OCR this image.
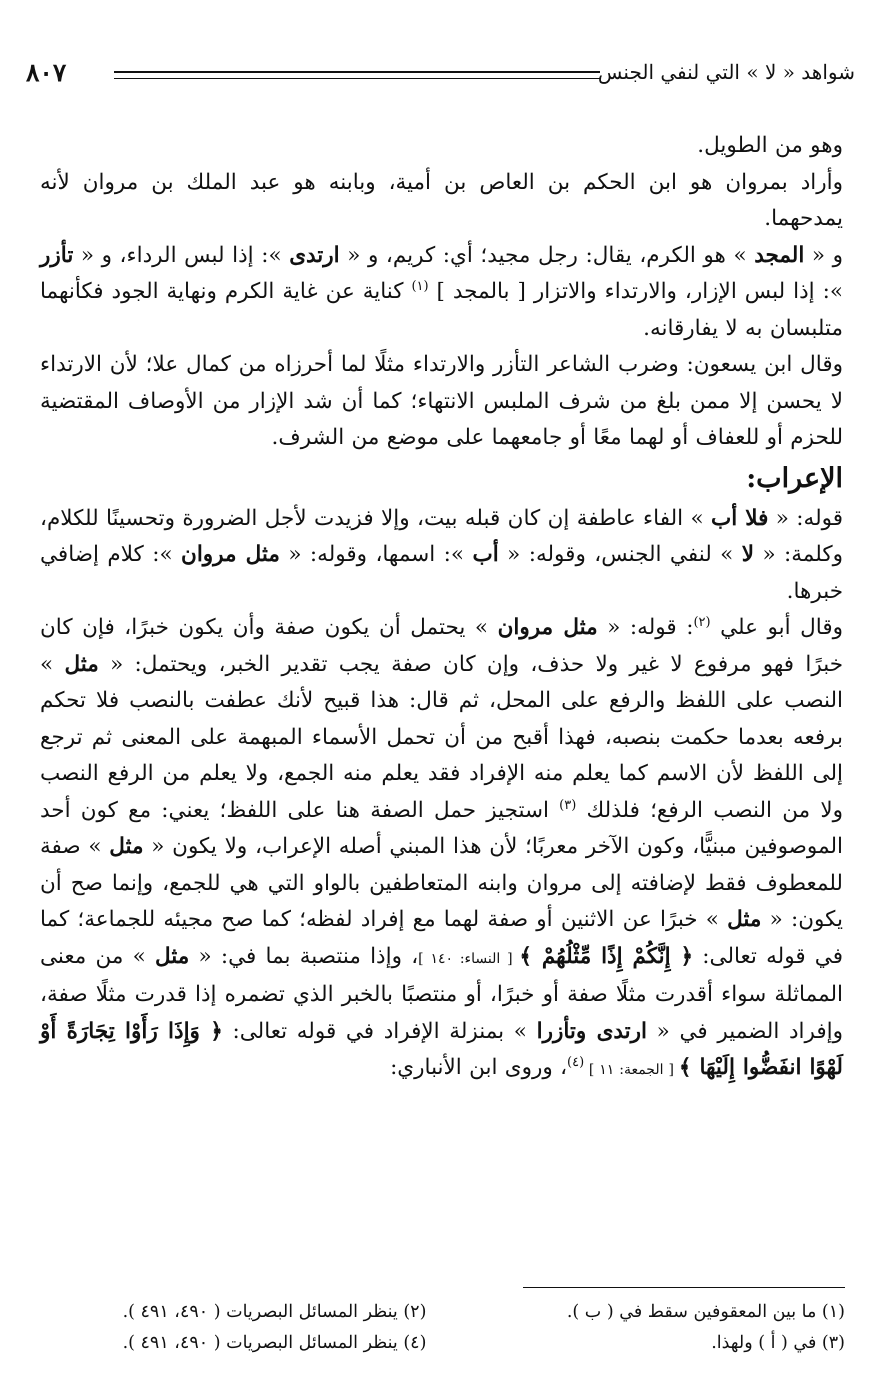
شواهد « لا » التي لنفي الجنس
٨٠٧

وهو من الطويل.

وأراد بمروان هو ابن الحكم بن العاص بن أمية، وبابنه هو عبد الملك بن مروان لأنه يمدحهما.

و « المجد » هو الكرم، يقال: رجل مجيد؛ أي: كريم، و « ارتدى »: إذا لبس الرداء، و « تأزر »: إذا لبس الإزار، والارتداء والاتزار [ بالمجد ] $^{(١)}$ كناية عن غاية الكرم ونهاية الجود فكأنهما متلبسان به لا يفارقانه.

وقال ابن يسعون: وضرب الشاعر التأزر والارتداء مثلًا لما أحرزاه من كمال علا؛ لأن الارتداء لا يحسن إلا ممن بلغ من شرف الملبس الانتهاء؛ كما أن شد الإزار من الأوصاف المقتضية للحزم أو للعفاف أو لهما معًا أو جامعهما على موضع من الشرف.

الإعراب:

قوله: « فلا أب » الفاء عاطفة إن كان قبله بيت، وإلا فزيدت لأجل الضرورة وتحسينًا للكلام، وكلمة: « لا » لنفي الجنس، وقوله: « أب »: اسمها، وقوله: « مثل مروان »: كلام إضافي خبرها.

وقال أبو علي $^{(٢)}$: قوله: « مثل مروان » يحتمل أن يكون صفة وأن يكون خبرًا، فإن كان خبرًا فهو مرفوع لا غير ولا حذف، وإن كان صفة يجب تقدير الخبر، ويحتمل: « مثل » النصب على اللفظ والرفع على المحل، ثم قال: هذا قبيح لأنك عطفت بالنصب فلا تحكم برفعه بعدما حكمت بنصبه، فهذا أقبح من أن تحمل الأسماء المبهمة على المعنى ثم ترجع إلى اللفظ لأن الاسم كما يعلم منه الإفراد فقد يعلم منه الجمع، ولا يعلم من الرفع النصب ولا من النصب الرفع؛ فلذلك $^{(٣)}$ استجيز حمل الصفة هنا على اللفظ؛ يعني: مع كون أحد الموصوفين مبنيًّا، وكون الآخر معربًا؛ لأن هذا المبني أصله الإعراب، ولا يكون « مثل » صفة للمعطوف فقط لإضافته إلى مروان وابنه المتعاطفين بالواو التي هي للجمع، وإنما صح أن يكون: « مثل » خبرًا عن الاثنين أو صفة لهما مع إفراد لفظه؛ كما صح مجيئه للجماعة؛ كما في قوله تعالى: ﴿ إِنَّكُمْ إِذًا مِّثْلُهُمْ ﴾ [ النساء: ١٤٠ ]، وإذا منتصبة بما في: « مثل » من معنى المماثلة سواء أقدرت مثلًا صفة أو خبرًا، أو منتصبًا بالخبر الذي تضمره إذا قدرت مثلًا صفة، وإفراد الضمير في « ارتدى وتأزرا » بمنزلة الإفراد في قوله تعالى: ﴿ وَإِذَا رَأَوْا تِجَارَةً أَوْ لَهْوًا انفَضُّوا إِلَيْهَا ﴾ [ الجمعة: ١١ ] $^{(٤)}$، وروى ابن الأنباري:

(١) ما بين المعقوفين سقط في ( ب ).
(٢) ينظر المسائل البصريات ( ٤٩٠، ٤٩١ ).
(٣) في ( أ ) ولهذا.
(٤) ينظر المسائل البصريات ( ٤٩٠، ٤٩١ ).
